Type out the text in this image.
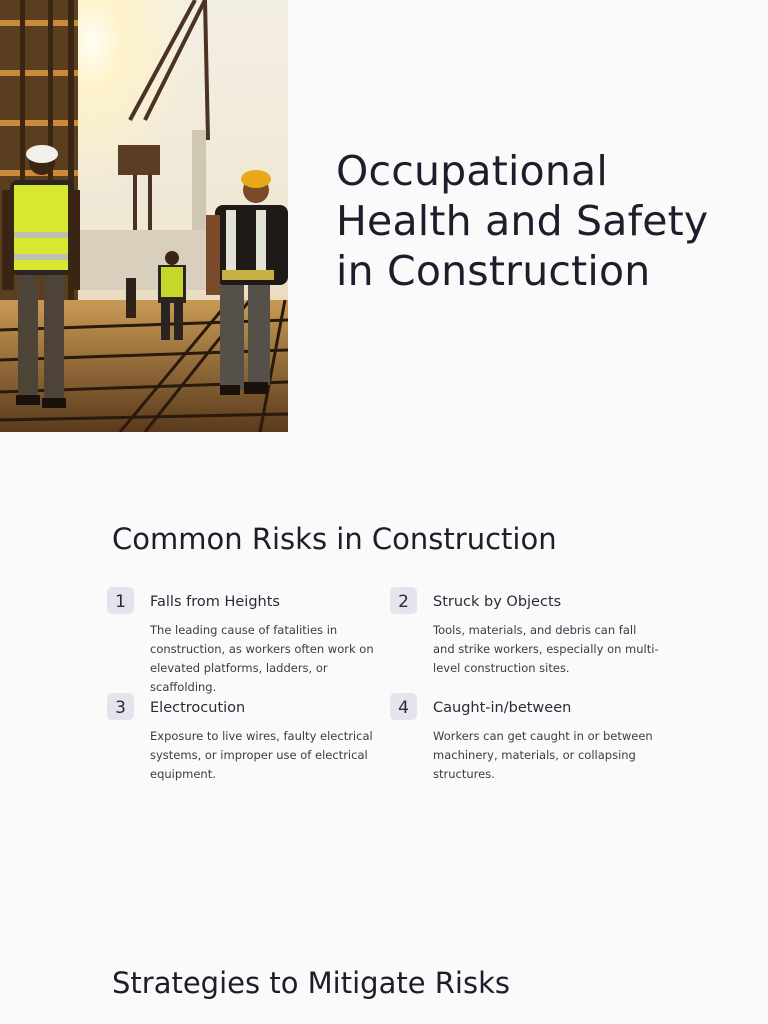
Occupational Health and Safety in Construction
Common Risks in Construction
1	Falls from Heights
The leading cause of fatalities in construction, as workers often work on elevated platforms, ladders, or scaffolding.
2	Struck by Objects
Tools, materials, and debris can fall and strike workers, especially on multi-level construction sites.
3	Electrocution
Exposure to live wires, faulty electrical systems, or improper use of electrical equipment.
4	Caught-in/between
Workers can get caught in or between machinery, materials, or collapsing structures.
Strategies to Mitigate Risks
